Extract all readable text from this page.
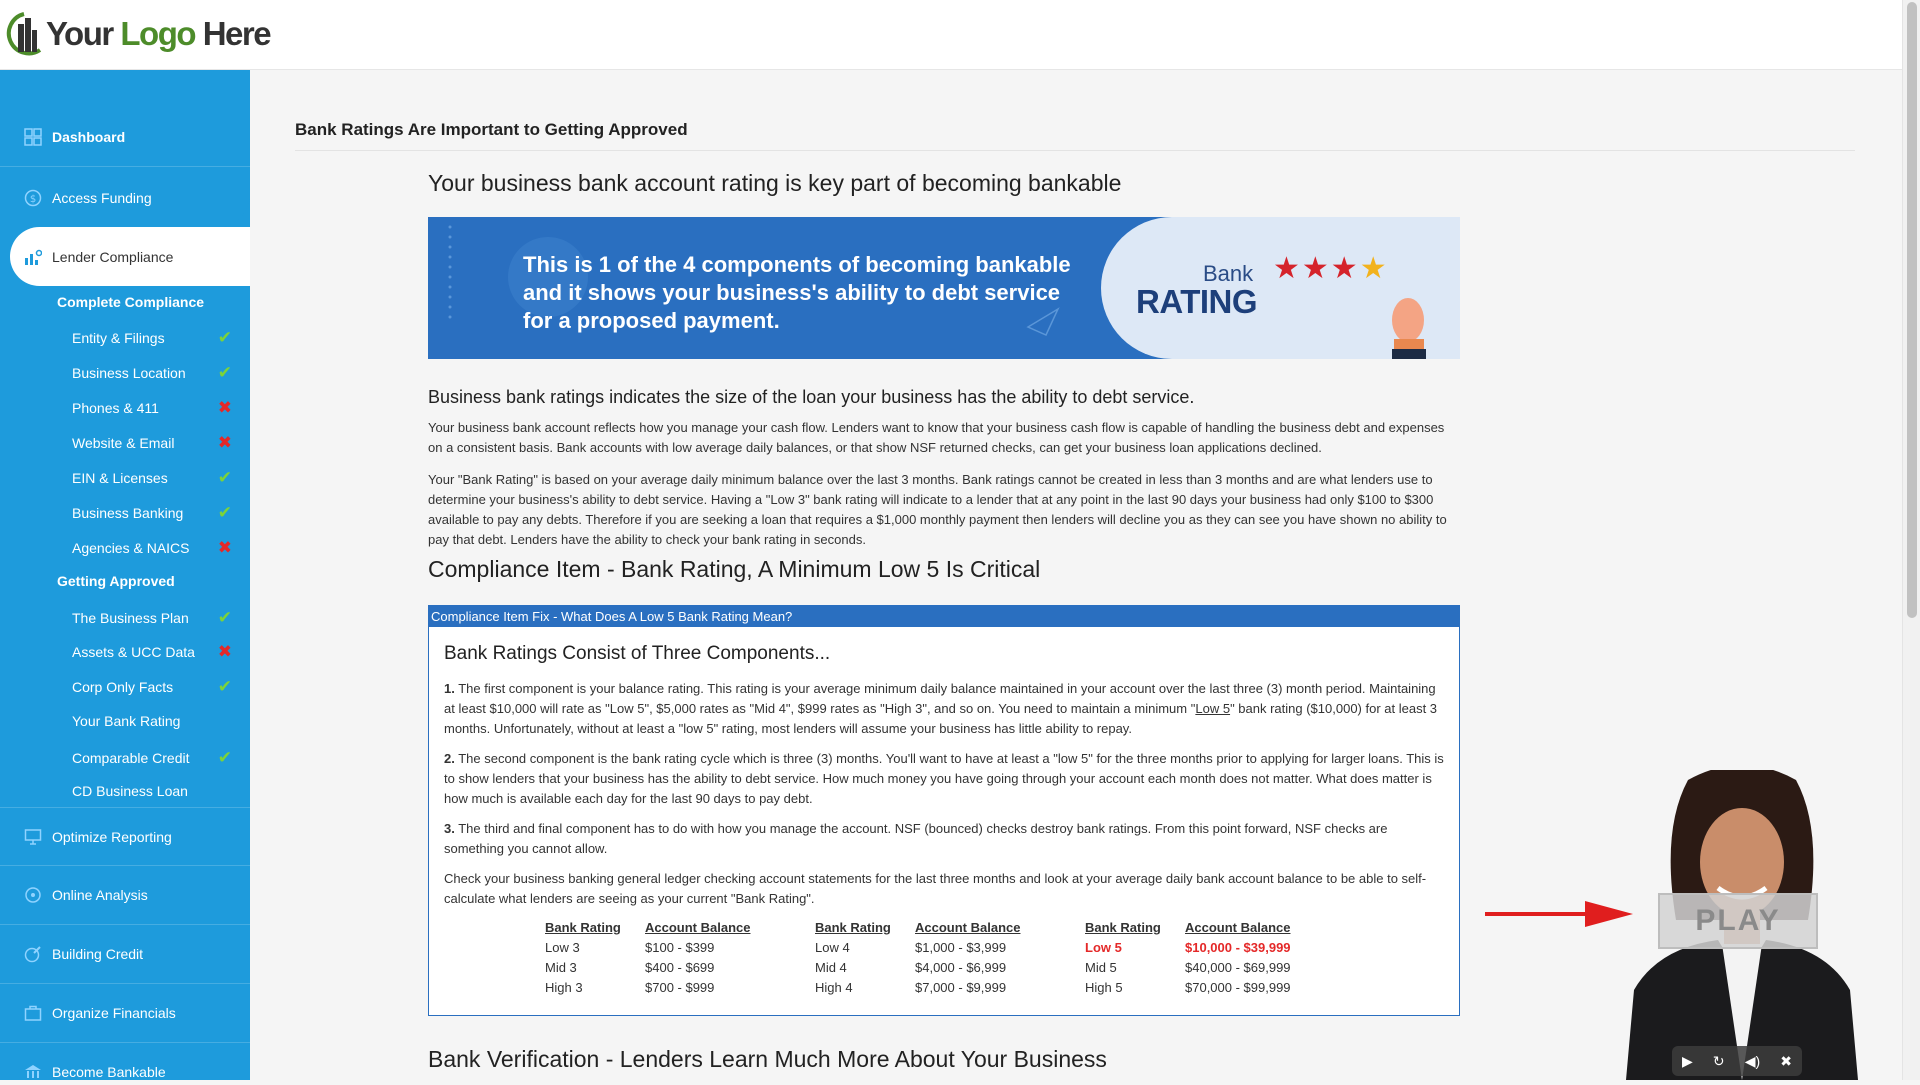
Your Logo Here
Dashboard
$ Access Funding
Lender Compliance
Complete Compliance
Entity & Filings	✔
Business Location ✔
Phones & 411	✖
Website & Email	✖
EIN & Licenses	✔
Business Banking ✔
Agencies & NAICS ✖
Getting Approved
The Business Plan ✔
Assets & UCC Data ✖
Corp Only Facts	✔
Your Bank Rating
Comparable Credit ✔
CD Business Loan
Optimize Reporting
Online Analysis
Building Credit
Organize Financials
Become Bankable
Bank Ratings Are Important to Getting Approved
Your business bank account rating is key part of becoming bankable
This is 1 of the 4 components of becoming bankable and it shows your business's ability to debt service for a proposed payment.
Bank
RATING
★★★★
Business bank ratings indicates the size of the loan your business has the ability to debt service.
Your business bank account reflects how you manage your cash flow. Lenders want to know that your business cash flow is capable of handling the business debt and expenses on a consistent basis. Bank accounts with low average daily balances, or that show NSF returned checks, can get your business loan applications declined.
Your "Bank Rating" is based on your average daily minimum balance over the last 3 months. Bank ratings cannot be created in less than 3 months and are what lenders use to determine your business's ability to debt service. Having a "Low 3" bank rating will indicate to a lender that at any point in the last 90 days your business had only $100 to $300 available to pay any debts. Therefore if you are seeking a loan that requires a $1,000 monthly payment then lenders will decline you as they can see you have shown no ability to pay that debt. Lenders have the ability to check your bank rating in seconds.
Compliance Item - Bank Rating, A Minimum Low 5 Is Critical
Compliance Item Fix - What Does A Low 5 Bank Rating Mean?
Bank Ratings Consist of Three Components...

1. The first component is your balance rating. This rating is your average minimum daily balance maintained in your account over the last three (3) month period. Maintaining at least $10,000 will rate as "Low 5", $5,000 rates as "Mid 4", $999 rates as "High 3", and so on. You need to maintain a minimum "Low 5" bank rating ($10,000) for at least 3 months. Unfortunately, without at least a "low 5" rating, most lenders will assume your business has little ability to repay.

2. The second component is the bank rating cycle which is three (3) months. You'll want to have at least a "low 5" for the three months prior to applying for larger loans. This is to show lenders that your business has the ability to debt service. How much money you have going through your account each month does not matter. What does matter is how much is available each day for the last 90 days to pay debt.

3. The third and final component has to do with how you manage the account. NSF (bounced) checks destroy bank ratings. From this point forward, NSF checks are something you cannot allow.

Check your business banking general ledger checking account statements for the last three months and look at your average daily bank account balance to be able to self-calculate what lenders are seeing as your current "Bank Rating".

Bank Rating	Account Balance	Bank Rating	Account Balance	Bank Rating	Account Balance
Low 3	$100 - $399	Low 4	$1,000 - $3,999	Low 5	$10,000 - $39,999
Mid 3	$400 - $699	Mid 4	$4,000 - $6,999	Mid 5	$40,000 - $69,999
High 3	$700 - $999	High 4	$7,000 - $9,999	High 5	$70,000 - $99,999
Bank Verification - Lenders Learn Much More About Your Business
PLAY
▶ ↻ ◀) ✖
